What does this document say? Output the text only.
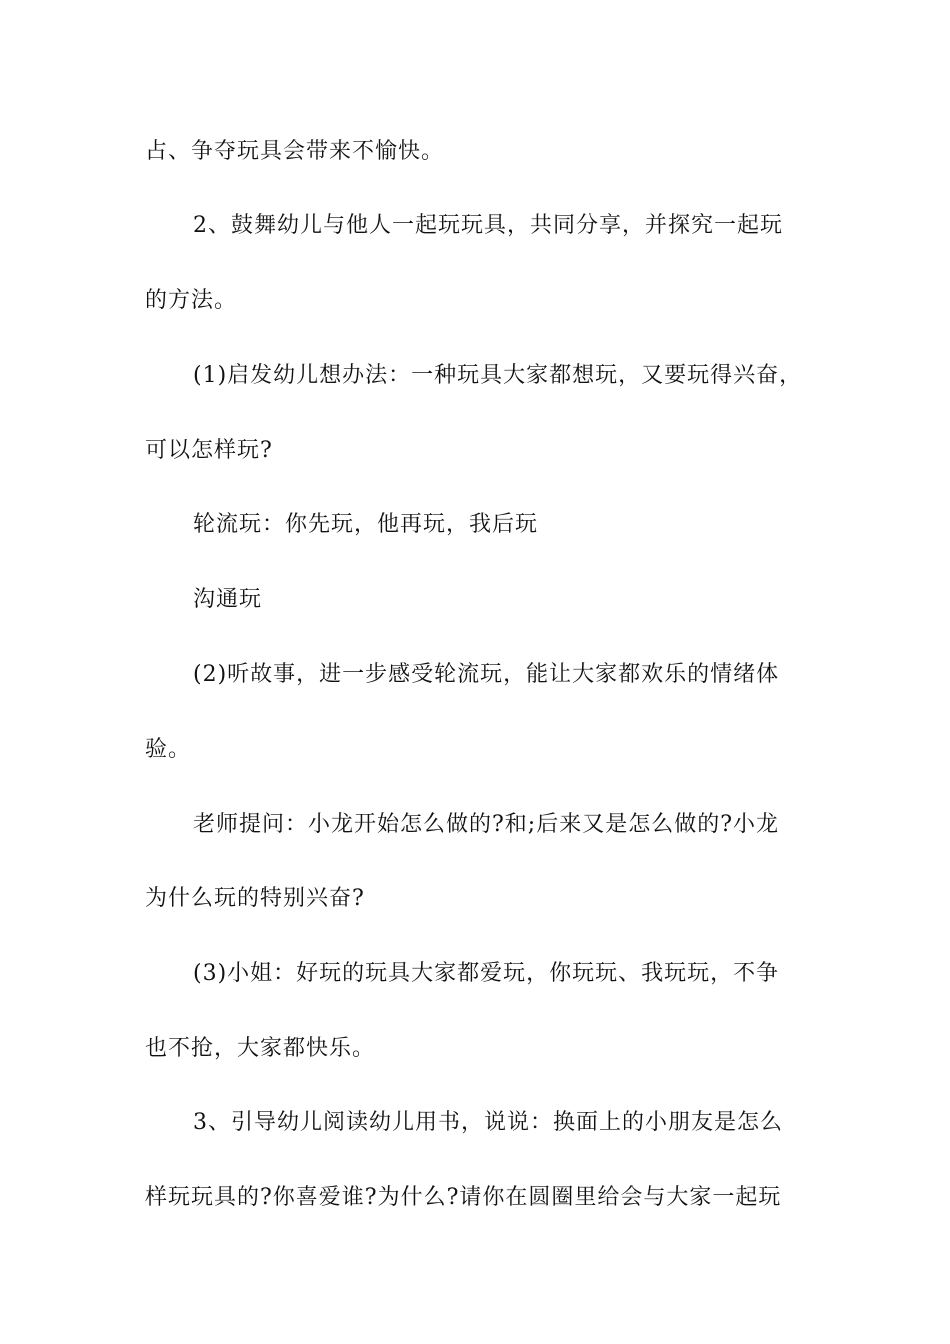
占、争夺玩具会带来不愉快。
2、鼓舞幼儿与他人一起玩玩具，共同分享，并探究一起玩
的方法。
(1)启发幼儿想办法：一种玩具大家都想玩，又要玩得兴奋，
可以怎样玩?
轮流玩：你先玩，他再玩，我后玩
沟通玩
(2)听故事，进一步感受轮流玩，能让大家都欢乐的情绪体
验。
老师提问：小龙开始怎么做的?和;后来又是怎么做的?小龙
为什么玩的特别兴奋?
(3)小姐：好玩的玩具大家都爱玩，你玩玩、我玩玩，不争
也不抢，大家都快乐。
3、引导幼儿阅读幼儿用书，说说：换面上的小朋友是怎么
样玩玩具的?你喜爱谁?为什么?请你在圆圈里给会与大家一起玩
